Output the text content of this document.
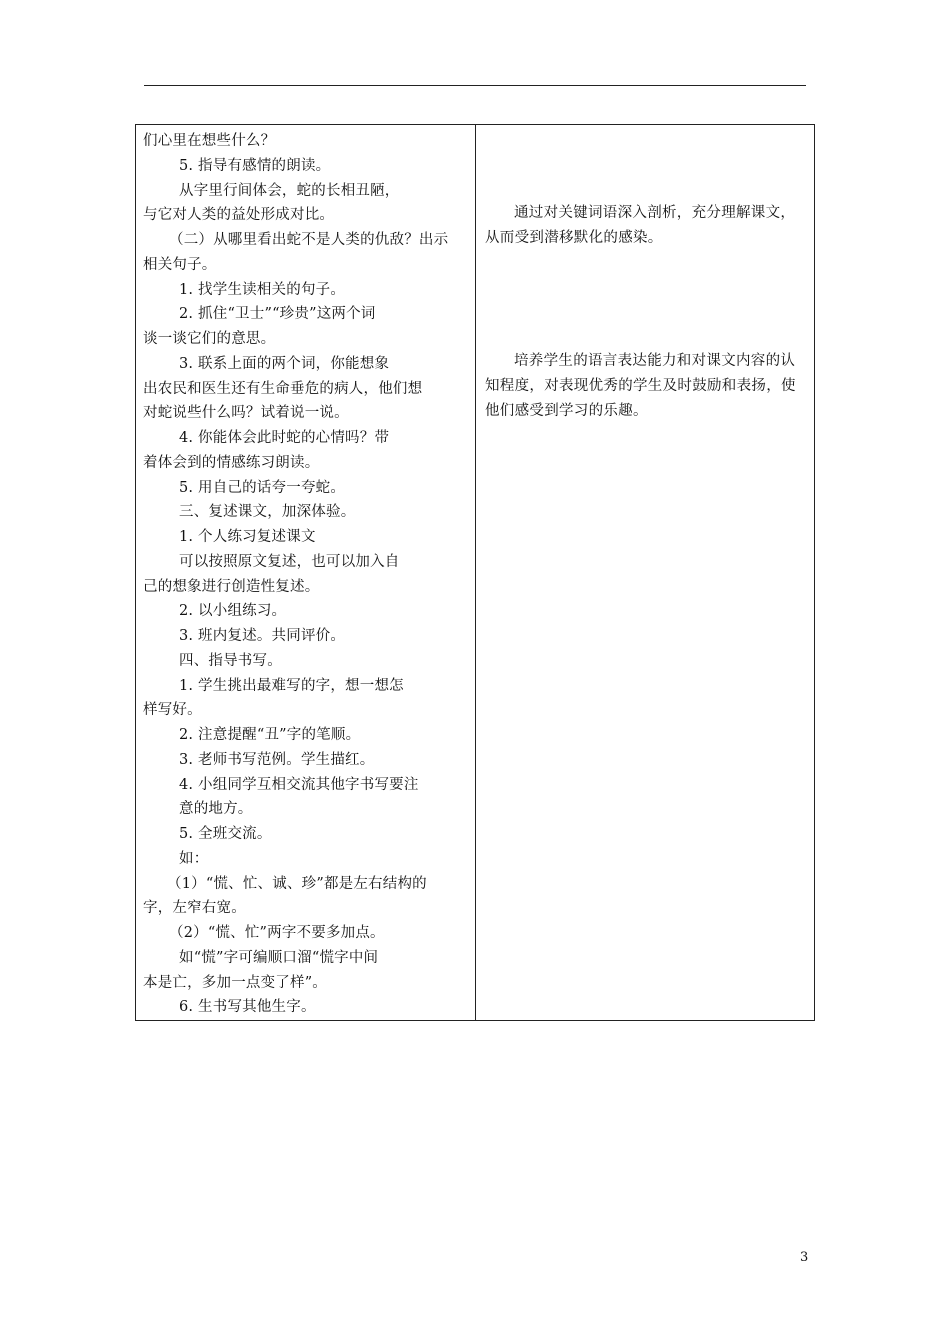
们心里在想些什么？
5. 指导有感情的朗读。
从字里行间体会，蛇的长相丑陋，
与它对人类的益处形成对比。
（二）从哪里看出蛇不是人类的仇敌？出示
相关句子。
1. 找学生读相关的句子。
2. 抓住“卫士”“珍贵”这两个词
谈一谈它们的意思。
3. 联系上面的两个词，你能想象
出农民和医生还有生命垂危的病人，他们想
对蛇说些什么吗？试着说一说。
4. 你能体会此时蛇的心情吗？带
着体会到的情感练习朗读。
5. 用自己的话夸一夸蛇。
三、复述课文，加深体验。
1. 个人练习复述课文
可以按照原文复述，也可以加入自
己的想象进行创造性复述。
2. 以小组练习。
3. 班内复述。共同评价。
四、指导书写。
1. 学生挑出最难写的字，想一想怎
样写好。
2. 注意提醒“丑”字的笔顺。
3. 老师书写范例。学生描红。
4. 小组同学互相交流其他字书写要注
意的地方。
5. 全班交流。
如：
（1）“慌、忙、诚、珍”都是左右结构的
字，左窄右宽。
（2）“慌、忙”两字不要多加点。
如“慌”字可编顺口溜“慌字中间
本是亡，多加一点变了样”。
6. 生书写其他生字。

通过对关键词语深入剖析，充分理解课文，从而受到潜移默化的感染。

培养学生的语言表达能力和对课文内容的认知程度，对表现优秀的学生及时鼓励和表扬，使他们感受到学习的乐趣。

3
